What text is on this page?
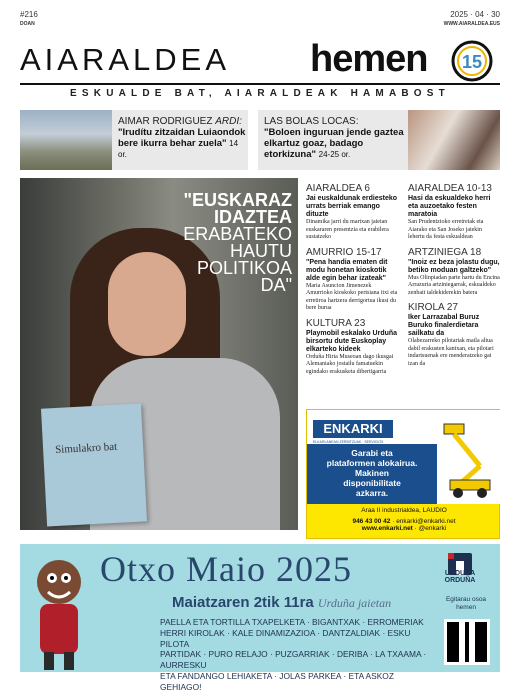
#216
DOAN
2025 · 04 · 30
WWW.AIARALDEA.EUS
AIARALDEA hemen 15
ESKUALDE BAT, AIARALDEAK HAMABOST
AIMAR RODRIGUEZ ARDI:
"Irudítu zitzaidan Luiaondok bere ikurra behar zuela" 14 or.
LAS BOLAS LOCAS:
"Boloen inguruan jende gaztea elkartuz goaz, badago etorkizuna" 24-25 or.
Simulakro bat
"EUSKARAZ
IDAZTEA
ERABATEKO
HAUTU
POLITIKOA
DA"
AIARALDEA 6
Jai euskaldunak erdiesteko urrats berriak emango dituzte
Dinamika jarri du martxan jaietan euskararen presentzia eta erabilera sustatzeko
AMURRIO 15-17
"Pena handia ematen dit modu honetan kioskotik alde egin behar izateak"
Maria Asuncion Jimenezek Amurrioko kioskoko pertsiana itxi eta erretiroa hartzera derrigortua ikusi du bere burua
KULTURA 23
Playmobil eskalako Urduña birsortu dute Euskoplay elkarteko kideek
Orduña Hiria Museoan dago ikusgai Alemaniako jostailu famatuekin egindako erakusketa dibertigarria
AIARALDEA 10-13
Hasi da eskualdeko herri eta auzoetako festen maratoia
San Prudentzioko erretretak eta Aiarako eta San Joseko jaiekin lehertu da festa eskualdean
ARTZINIEGA 18
"Inoiz ez beza jolastu dugu, betiko moduan galtzeko"
Mus Olinpiadan parte hartu du Encina Arrazuria artziniegarrak, eskualdeko zenbait taldekiderekin batera
KIROLA 27
Iker Larrazabal Buruz Buruko finalerdietara sailkatu da
Olabezarreko pilotariak maila altua dabil erakusten kantxan, eta pilotari indartsuenak ere menderatzeko gai izan da
ENKARKI
ELKARLANEAN ZERBITZUAK · SERVICIOS
Garabi eta
plataformen alokairua.
Makinen
disponibilitate
azkarra.
Araa II industrialdea, LAUDIO
946 43 00 42 · enkarki@enkarki.net
www.enkarki.net · @enkarki
Otxo Maio 2025
Maiatzaren 2tik 11ra Urduña jaietan
PAELLA ETA TORTILLA TXAPELKETA · BIGANTXAK · ERROMERIAK
HERRI KIROLAK · KALE DINAMIZAZIOA · DANTZALDIAK · ESKU PILOTA
PARTIDAK · PURO RELAJO · PUZGARRIAK · DERIBA · LA TXAAMA · AURRESKU
ETA FANDANGO LEHIAKETA · JOLAS PARKEA · ETA ASKOZ GEHIAGO!
URDUÑA
ORDUÑA
Egitarau osoa hemen
